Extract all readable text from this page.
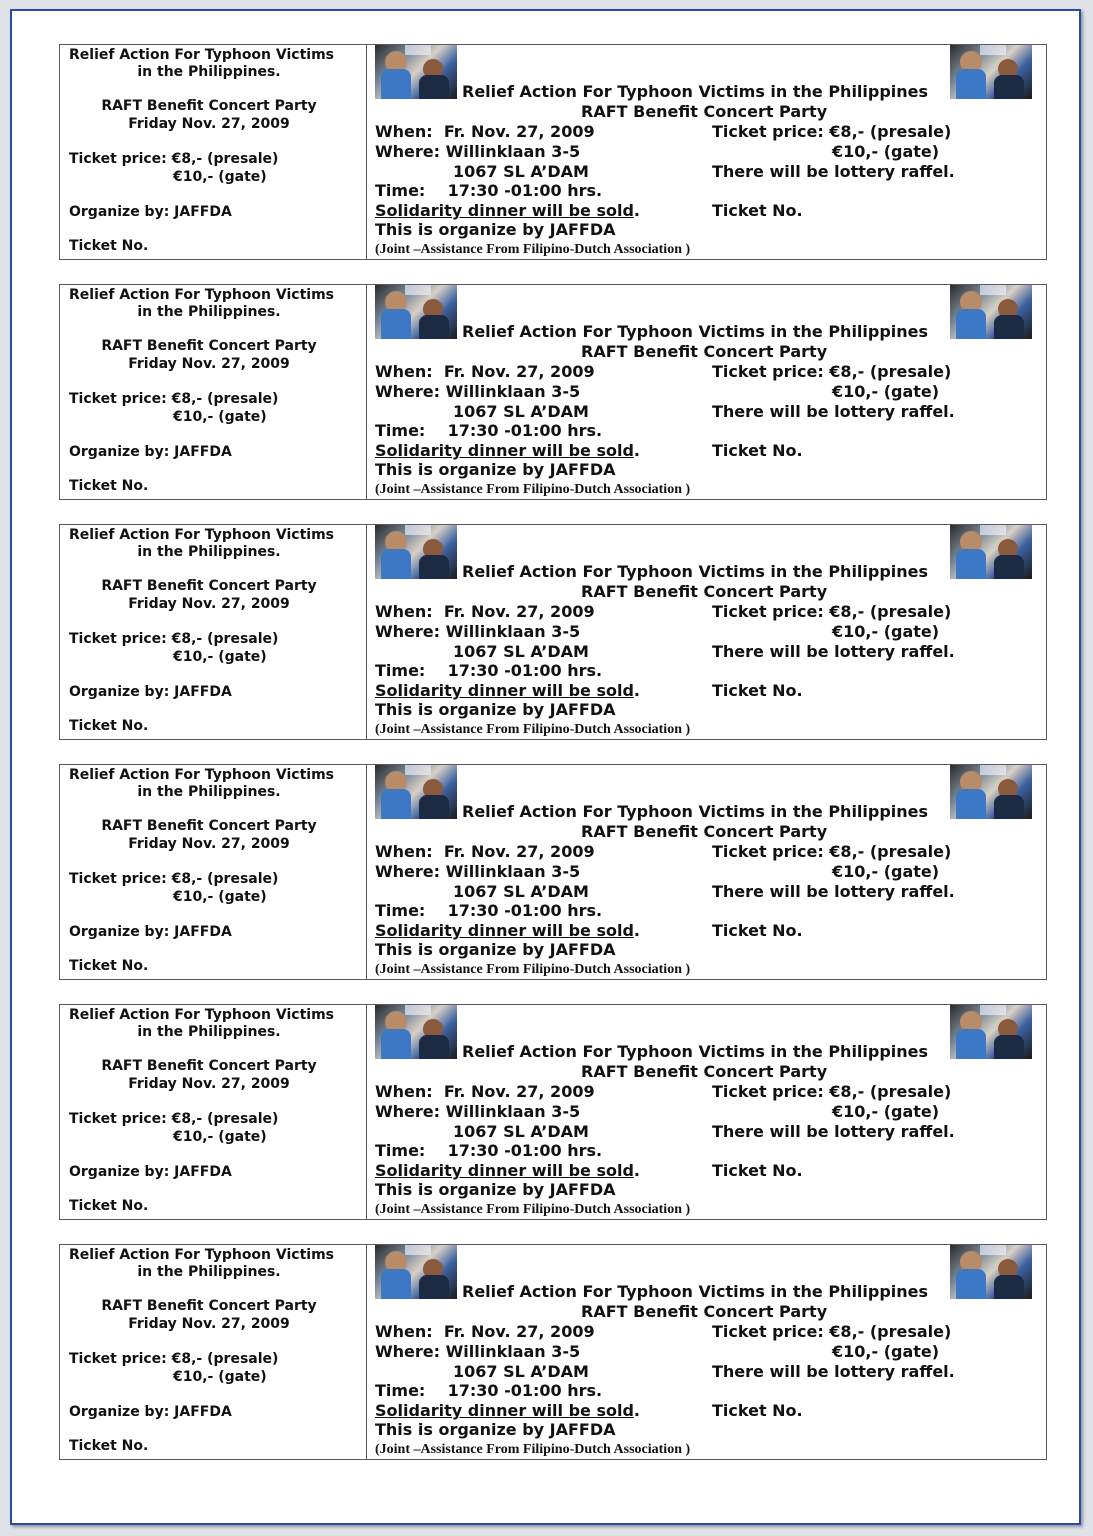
Relief Action For Typhoon Victims
in the Philippines.
RAFT Benefit Concert Party
Friday Nov. 27, 2009
Ticket price: €8,- (presale)
€10,- (gate)
Organize by: JAFFDA
Ticket No.
Relief Action For Typhoon Victims in the Philippines
RAFT Benefit Concert Party
When:  Fr. Nov. 27, 2009
Where: Willinklaan 3-5
1067 SL A’DAM
Time:    17:30 -01:00 hrs.
Solidarity dinner will be sold.
This is organize by JAFFDA
(Joint –Assistance From Filipino-Dutch Association )
Ticket price: €8,- (presale)
€10,- (gate)
There will be lottery raffel.
Ticket No.
Relief Action For Typhoon Victims
in the Philippines.
RAFT Benefit Concert Party
Friday Nov. 27, 2009
Ticket price: €8,- (presale)
€10,- (gate)
Organize by: JAFFDA
Ticket No.
Relief Action For Typhoon Victims in the Philippines
RAFT Benefit Concert Party
When:  Fr. Nov. 27, 2009
Where: Willinklaan 3-5
1067 SL A’DAM
Time:    17:30 -01:00 hrs.
Solidarity dinner will be sold.
This is organize by JAFFDA
(Joint –Assistance From Filipino-Dutch Association )
Ticket price: €8,- (presale)
€10,- (gate)
There will be lottery raffel.
Ticket No.
Relief Action For Typhoon Victims
in the Philippines.
RAFT Benefit Concert Party
Friday Nov. 27, 2009
Ticket price: €8,- (presale)
€10,- (gate)
Organize by: JAFFDA
Ticket No.
Relief Action For Typhoon Victims in the Philippines
RAFT Benefit Concert Party
When:  Fr. Nov. 27, 2009
Where: Willinklaan 3-5
1067 SL A’DAM
Time:    17:30 -01:00 hrs.
Solidarity dinner will be sold.
This is organize by JAFFDA
(Joint –Assistance From Filipino-Dutch Association )
Ticket price: €8,- (presale)
€10,- (gate)
There will be lottery raffel.
Ticket No.
Relief Action For Typhoon Victims
in the Philippines.
RAFT Benefit Concert Party
Friday Nov. 27, 2009
Ticket price: €8,- (presale)
€10,- (gate)
Organize by: JAFFDA
Ticket No.
Relief Action For Typhoon Victims in the Philippines
RAFT Benefit Concert Party
When:  Fr. Nov. 27, 2009
Where: Willinklaan 3-5
1067 SL A’DAM
Time:    17:30 -01:00 hrs.
Solidarity dinner will be sold.
This is organize by JAFFDA
(Joint –Assistance From Filipino-Dutch Association )
Ticket price: €8,- (presale)
€10,- (gate)
There will be lottery raffel.
Ticket No.
Relief Action For Typhoon Victims
in the Philippines.
RAFT Benefit Concert Party
Friday Nov. 27, 2009
Ticket price: €8,- (presale)
€10,- (gate)
Organize by: JAFFDA
Ticket No.
Relief Action For Typhoon Victims in the Philippines
RAFT Benefit Concert Party
When:  Fr. Nov. 27, 2009
Where: Willinklaan 3-5
1067 SL A’DAM
Time:    17:30 -01:00 hrs.
Solidarity dinner will be sold.
This is organize by JAFFDA
(Joint –Assistance From Filipino-Dutch Association )
Ticket price: €8,- (presale)
€10,- (gate)
There will be lottery raffel.
Ticket No.
Relief Action For Typhoon Victims
in the Philippines.
RAFT Benefit Concert Party
Friday Nov. 27, 2009
Ticket price: €8,- (presale)
€10,- (gate)
Organize by: JAFFDA
Ticket No.
Relief Action For Typhoon Victims in the Philippines
RAFT Benefit Concert Party
When:  Fr. Nov. 27, 2009
Where: Willinklaan 3-5
1067 SL A’DAM
Time:    17:30 -01:00 hrs.
Solidarity dinner will be sold.
This is organize by JAFFDA
(Joint –Assistance From Filipino-Dutch Association )
Ticket price: €8,- (presale)
€10,- (gate)
There will be lottery raffel.
Ticket No.
